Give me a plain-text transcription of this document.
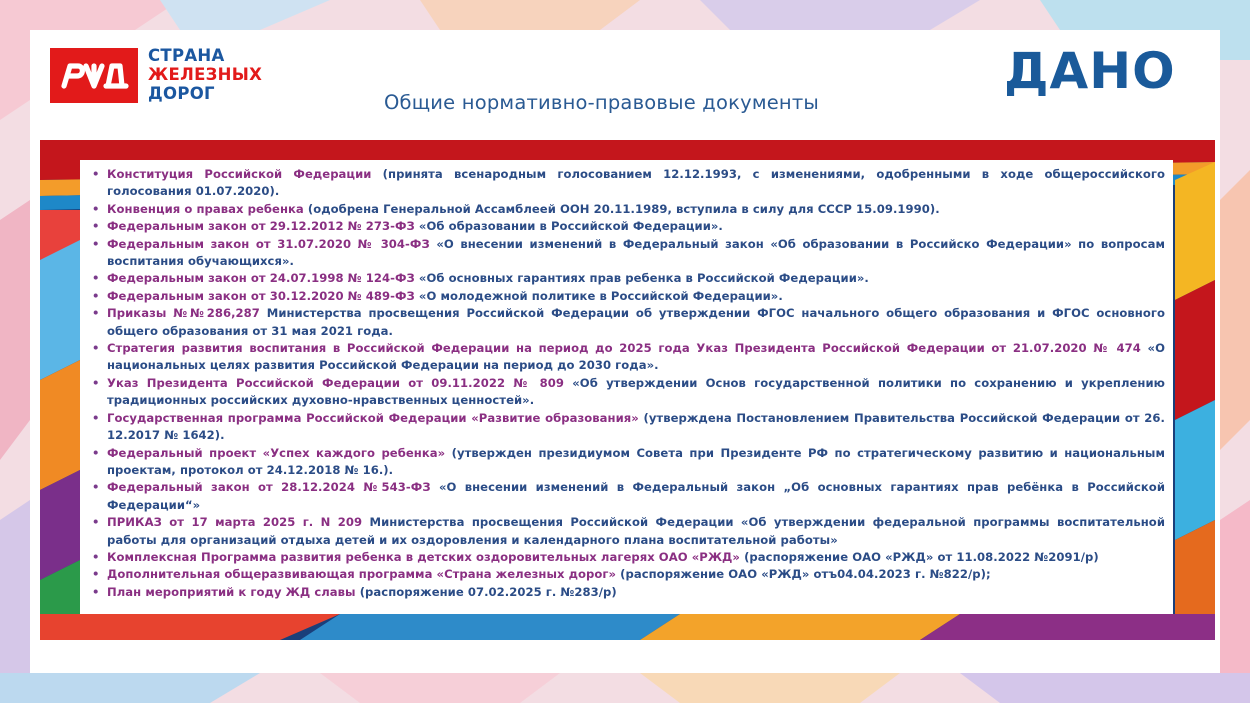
СТРАНА
ЖЕЛЕЗНЫХ
ДОРОГ	Общие нормативно-правовые документы
ДАНО
• Конституция Российской Федерации (принята всенародным голосованием 12.12.1993, с изменениями, одобренными в ходе общероссийского голосования 01.07.2020).
• Конвенция о правах ребенка (одобрена Генеральной Ассамблеей ООН 20.11.1989, вступила в силу для СССР 15.09.1990).
• Федеральным закон от 29.12.2012 № 273-ФЗ «Об образовании в Российской Федерации».
• Федеральным закон от 31.07.2020 № 304-ФЗ «О внесении изменений в Федеральный закон «Об образовании в Российско Федерации» по вопросам воспитания обучающихся».
• Федеральным закон от 24.07.1998 № 124-ФЗ «Об основных гарантиях прав ребенка в Российской Федерации».
• Федеральным закон от 30.12.2020 № 489-ФЗ «О молодежной политике в Российской Федерации».
• Приказы №№286,287 Министерства просвещения Российской Федерации об утверждении ФГОС начального общего образования и ФГОС основного общего образования от 31 мая 2021 года.
• Стратегия развития воспитания в Российской Федерации на период до 2025 года Указ Президента Российской Федерации от 21.07.2020 № 474 «О национальных целях развития Российской Федерации на период до 2030 года».
• Указ Президента Российской Федерации от 09.11.2022 № 809 «Об утверждении Основ государственной политики по сохранению и укреплению традиционных российских духовно-нравственных ценностей».
• Государственная программа Российской Федерации «Развитие образования» (утверждена Постановлением Правительства Российской Федерации от 26. 12.2017 № 1642).
• Федеральный проект «Успех каждого ребенка» (утвержден президиумом Совета при Президенте РФ по стратегическому развитию и национальным проектам, протокол от 24.12.2018 № 16.).
• Федеральный закон от 28.12.2024 №543-ФЗ «О внесении изменений в Федеральный закон „Об основных гарантиях прав ребёнка в Российской Федерации“»
• ПРИКАЗ от 17 марта 2025 г. N 209 Министерства просвещения Российской Федерации «Об утверждении федеральной программы воспитательной работы для организаций отдыха детей и их оздоровления и календарного плана воспитательной работы»
• Комплексная Программа развития ребенка в детских оздоровительных лагерях ОАО «РЖД» (распоряжение ОАО «РЖД» от 11.08.2022 №2091/р)
• Дополнительная общеразвивающая программа «Страна железных дорог» (распоряжение ОАО «РЖД» отъ04.04.2023 г. №822/р);
• План мероприятий к году ЖД славы (распоряжение 07.02.2025 г. №283/р)
